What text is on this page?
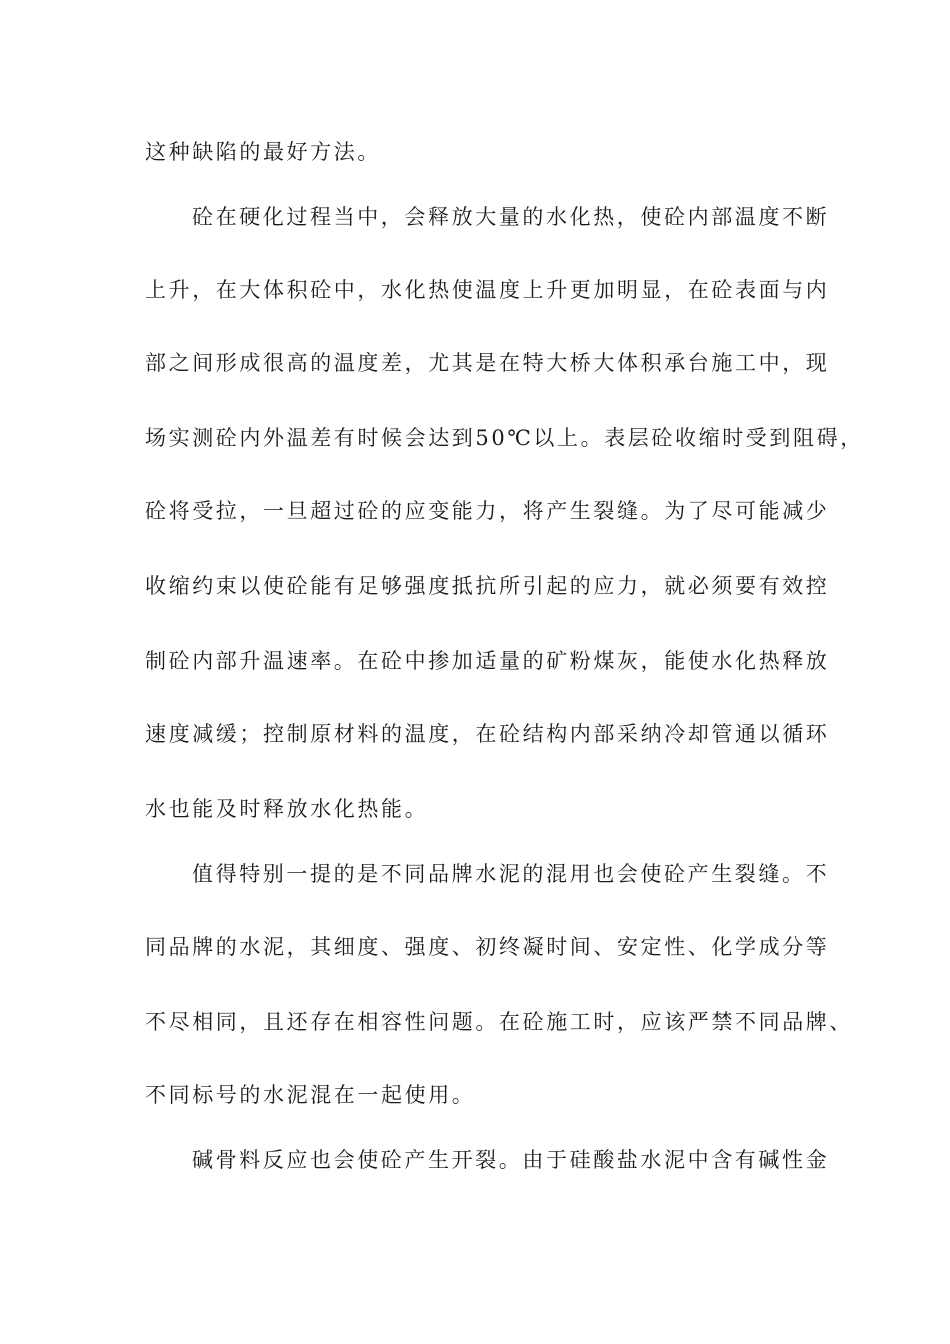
这种缺陷的最好方法。
砼在硬化过程当中，会释放大量的水化热，使砼内部温度不断
上升，在大体积砼中，水化热使温度上升更加明显，在砼表面与内
部之间形成很高的温度差，尤其是在特大桥大体积承台施工中，现
场实测砼内外温差有时候会达到50℃以上。表层砼收缩时受到阻碍，
砼将受拉，一旦超过砼的应变能力，将产生裂缝。为了尽可能减少
收缩约束以使砼能有足够强度抵抗所引起的应力，就必须要有效控
制砼内部升温速率。在砼中掺加适量的矿粉煤灰，能使水化热释放
速度减缓；控制原材料的温度，在砼结构内部采纳冷却管通以循环
水也能及时释放水化热能。
值得特别一提的是不同品牌水泥的混用也会使砼产生裂缝。不
同品牌的水泥，其细度、强度、初终凝时间、安定性、化学成分等
不尽相同，且还存在相容性问题。在砼施工时，应该严禁不同品牌、
不同标号的水泥混在一起使用。
碱骨料反应也会使砼产生开裂。由于硅酸盐水泥中含有碱性金
